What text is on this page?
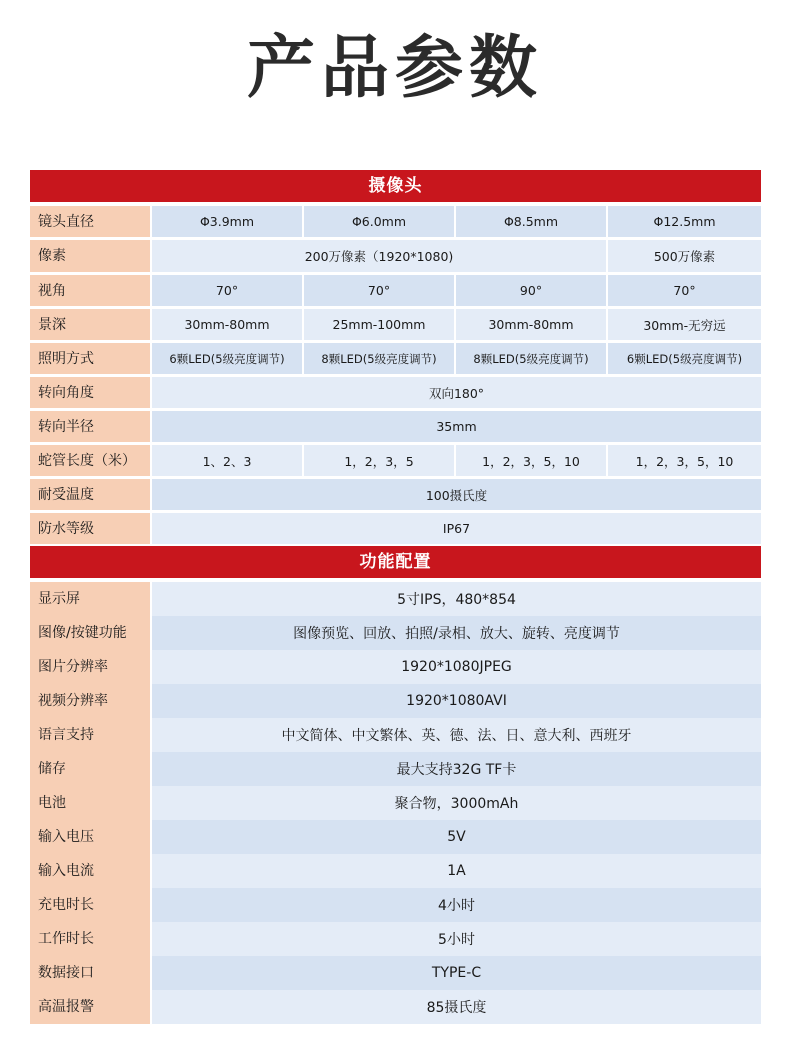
产品参数
摄像头
镜头直径	Φ3.9mm	Φ6.0mm	Φ8.5mm	Φ12.5mm
像素	200万像素（1920*1080)	500万像素
视角	70°	70°	90°	70°
景深	30mm-80mm	25mm-100mm	30mm-80mm	30mm-无穷远
照明方式	6颗LED(5级亮度调节)	8颗LED(5级亮度调节)	8颗LED(5级亮度调节)	6颗LED(5级亮度调节)
转向角度	双向180°
转向半径	35mm
蛇管长度（米）	1、2、3	1，2，3，5	1，2，3，5，10	1，2，3，5，10
耐受温度	100摄氏度
防水等级	IP67
功能配置
显示屏	5寸IPS，480*854
图像/按键功能	图像预览、回放、拍照/录相、放大、旋转、亮度调节
图片分辨率	1920*1080JPEG
视频分辨率	1920*1080AVI
语言支持	中文简体、中文繁体、英、德、法、日、意大利、西班牙
储存	最大支持32G TF卡
电池	聚合物，3000mAh
输入电压	5V
输入电流	1A
充电时长	4小时
工作时长	5小时
数据接口	TYPE-C
高温报警	85摄氏度
